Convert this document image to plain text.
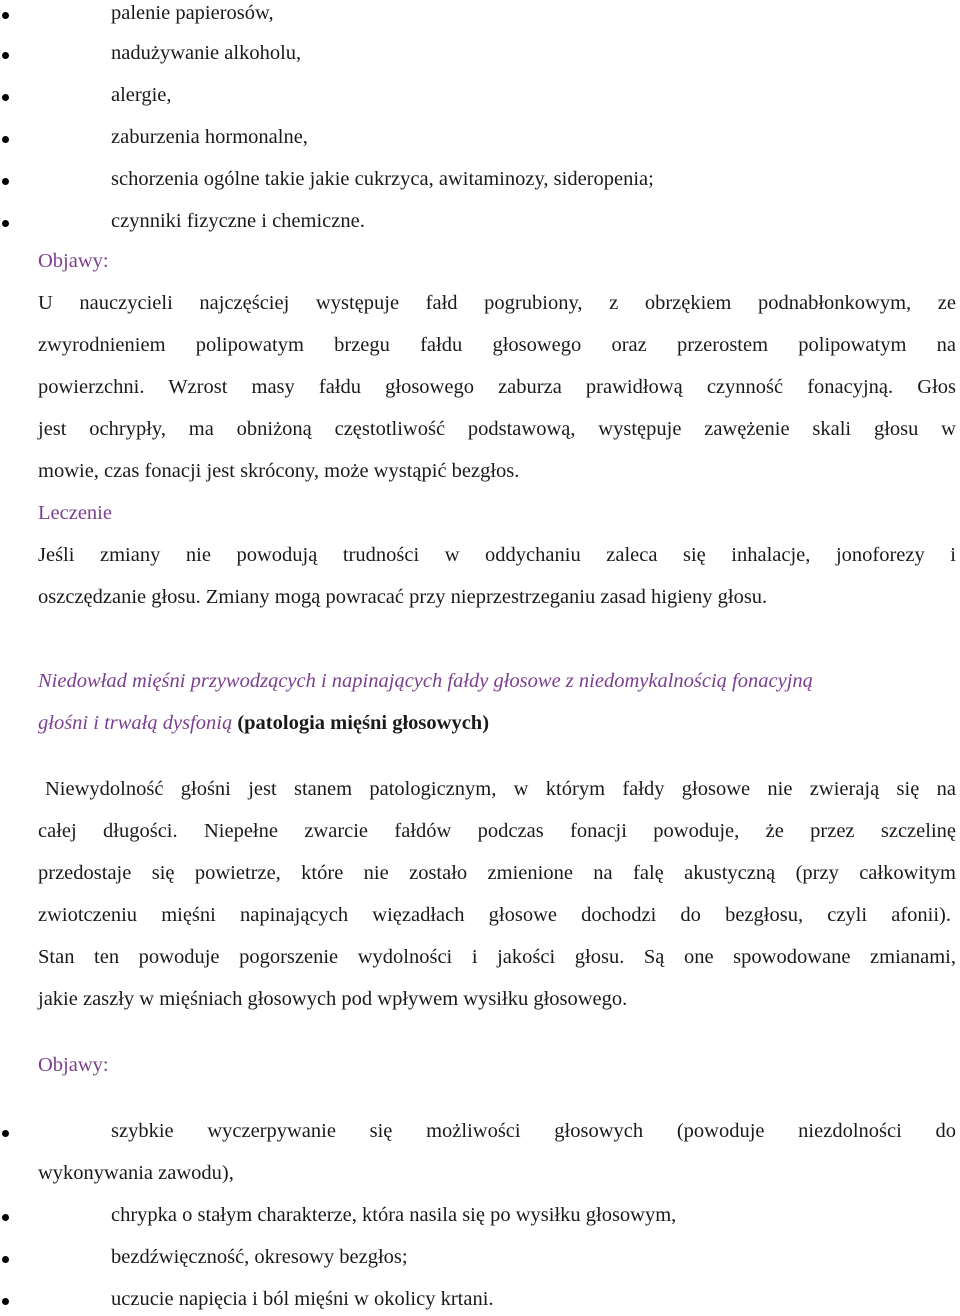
palenie papierosów,
nadużywanie alkoholu,
alergie,
zaburzenia hormonalne,
schorzenia ogólne takie jakie cukrzyca, awitaminozy, sideropenia;
czynniki fizyczne i chemiczne.
Objawy:
U nauczycieli najczęściej występuje fałd pogrubiony, z obrzękiem podnabłonkowym, ze
zwyrodnieniem polipowatym brzegu fałdu głosowego oraz przerostem polipowatym na
powierzchni. Wzrost masy fałdu głosowego zaburza prawidłową czynność fonacyjną. Głos
jest ochrypły, ma obniżoną częstotliwość podstawową, występuje zawężenie skali głosu w
mowie, czas fonacji jest skrócony, może wystąpić bezgłos.
Leczenie
Jeśli zmiany nie powodują trudności w oddychaniu zaleca się inhalacje, jonoforezy i
oszczędzanie głosu. Zmiany mogą powracać przy nieprzestrzeganiu zasad higieny głosu.
Niedowład mięśni przywodzących i napinających fałdy głosowe z niedomykalnością fonacyjną
głośni i trwałą dysfonią (patologia mięśni głosowych)
Niewydolność głośni jest stanem patologicznym, w którym fałdy głosowe nie zwierają się na
całej długości. Niepełne zwarcie fałdów podczas fonacji powoduje, że przez szczelinę
przedostaje się powietrze, które nie zostało zmienione na falę akustyczną (przy całkowitym
zwiotczeniu mięśni napinających więzadłach głosowe dochodzi do bezgłosu, czyli afonii).
Stan ten powoduje pogorszenie wydolności i jakości głosu. Są one spowodowane zmianami,
jakie zaszły w mięśniach głosowych pod wpływem wysiłku głosowego.
Objawy:
szybkie wyczerpywanie się możliwości głosowych (powoduje niezdolności do
wykonywania zawodu),
chrypka o stałym charakterze, która nasila się po wysiłku głosowym,
bezdźwięczność, okresowy bezgłos;
uczucie napięcia i ból mięśni w okolicy krtani.
